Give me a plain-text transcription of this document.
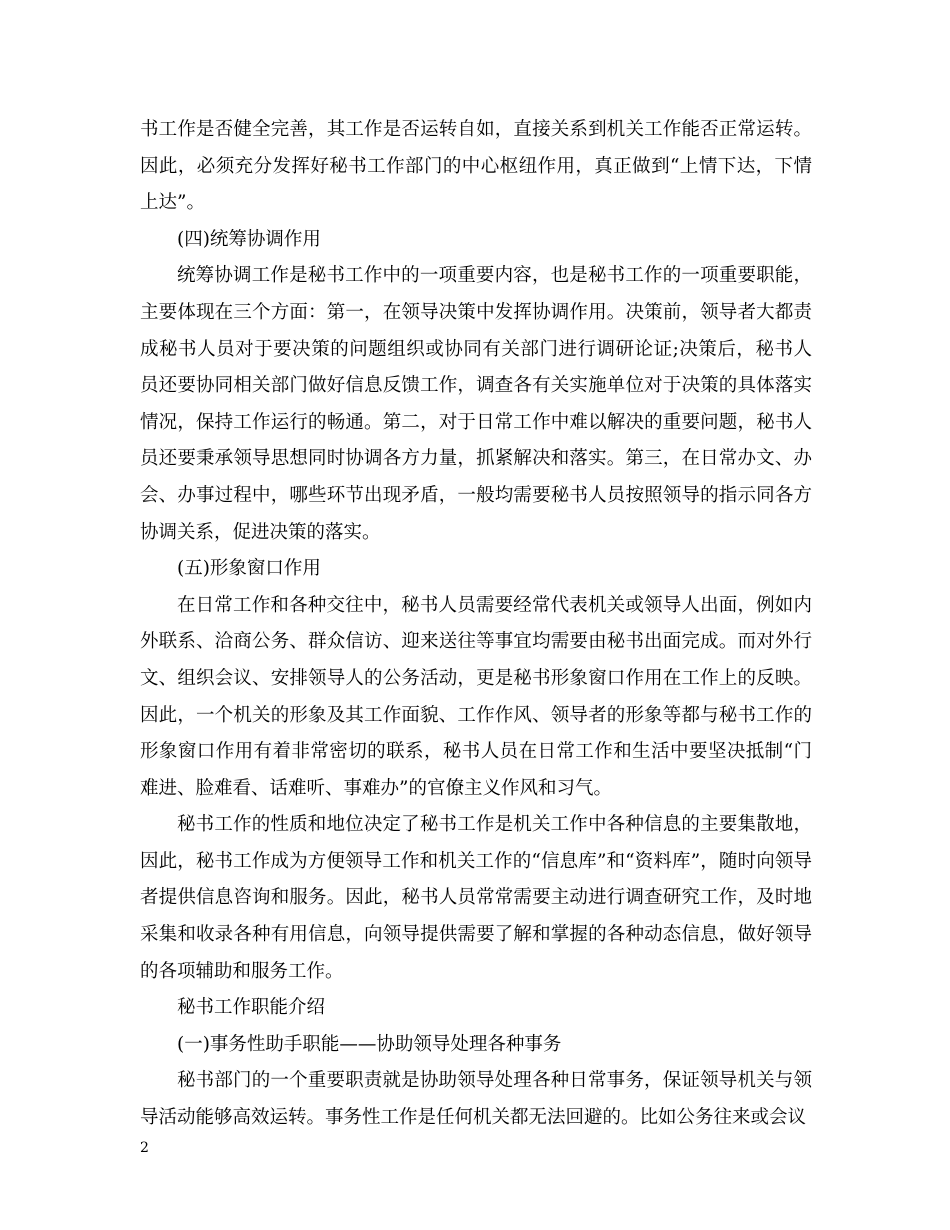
书工作是否健全完善，其工作是否运转自如，直接关系到机关工作能否正常运转。因此，必须充分发挥好秘书工作部门的中心枢纽作用，真正做到“上情下达，下情上达”。

(四)统筹协调作用

统筹协调工作是秘书工作中的一项重要内容，也是秘书工作的一项重要职能，主要体现在三个方面：第一，在领导决策中发挥协调作用。决策前，领导者大都责成秘书人员对于要决策的问题组织或协同有关部门进行调研论证;决策后，秘书人员还要协同相关部门做好信息反馈工作，调查各有关实施单位对于决策的具体落实情况，保持工作运行的畅通。第二，对于日常工作中难以解决的重要问题，秘书人员还要秉承领导思想同时协调各方力量，抓紧解决和落实。第三，在日常办文、办会、办事过程中，哪些环节出现矛盾，一般均需要秘书人员按照领导的指示同各方协调关系，促进决策的落实。

(五)形象窗口作用

在日常工作和各种交往中，秘书人员需要经常代表机关或领导人出面，例如内外联系、洽商公务、群众信访、迎来送往等事宜均需要由秘书出面完成。而对外行文、组织会议、安排领导人的公务活动，更是秘书形象窗口作用在工作上的反映。因此，一个机关的形象及其工作面貌、工作作风、领导者的形象等都与秘书工作的形象窗口作用有着非常密切的联系，秘书人员在日常工作和生活中要坚决抵制“门难进、脸难看、话难听、事难办”的官僚主义作风和习气。

秘书工作的性质和地位决定了秘书工作是机关工作中各种信息的主要集散地，因此，秘书工作成为方便领导工作和机关工作的“信息库”和“资料库”，随时向领导者提供信息咨询和服务。因此，秘书人员常常需要主动进行调查研究工作，及时地采集和收录各种有用信息，向领导提供需要了解和掌握的各种动态信息，做好领导的各项辅助和服务工作。

秘书工作职能介绍

(一)事务性助手职能——协助领导处理各种事务

秘书部门的一个重要职责就是协助领导处理各种日常事务，保证领导机关与领导活动能够高效运转。事务性工作是任何机关都无法回避的。比如公务往来或会议

2
